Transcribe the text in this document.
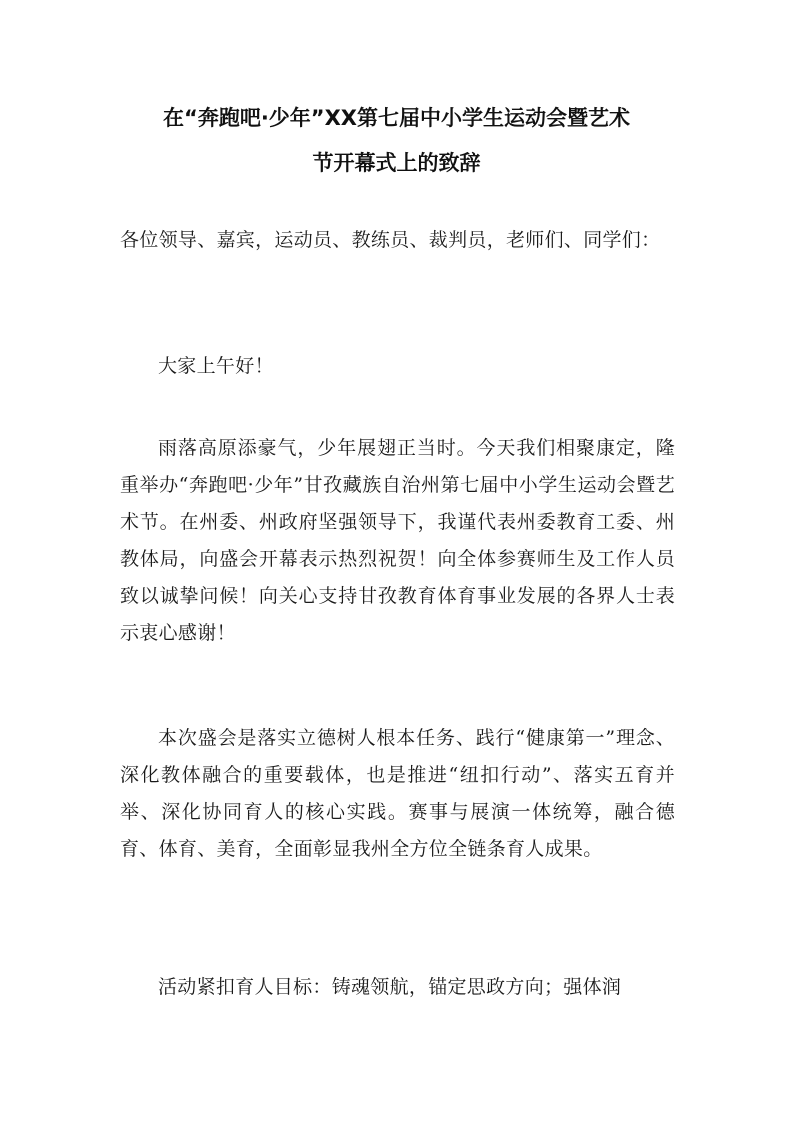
在“奔跑吧·少年”XX第七届中小学生运动会暨艺术
节开幕式上的致辞

各位领导、嘉宾，运动员、教练员、裁判员，老师们、同学们：

大家上午好！

雨落高原添豪气，少年展翅正当时。今天我们相聚康定，隆重举办“奔跑吧·少年”甘孜藏族自治州第七届中小学生运动会暨艺术节。在州委、州政府坚强领导下，我谨代表州委教育工委、州教体局，向盛会开幕表示热烈祝贺！向全体参赛师生及工作人员致以诚挚问候！向关心支持甘孜教育体育事业发展的各界人士表示衷心感谢！

本次盛会是落实立德树人根本任务、践行“健康第一”理念、深化教体融合的重要载体，也是推进“纽扣行动”、落实五育并举、深化协同育人的核心实践。赛事与展演一体统筹，融合德育、体育、美育，全面彰显我州全方位全链条育人成果。

活动紧扣育人目标：铸魂领航，锚定思政方向；强体润
